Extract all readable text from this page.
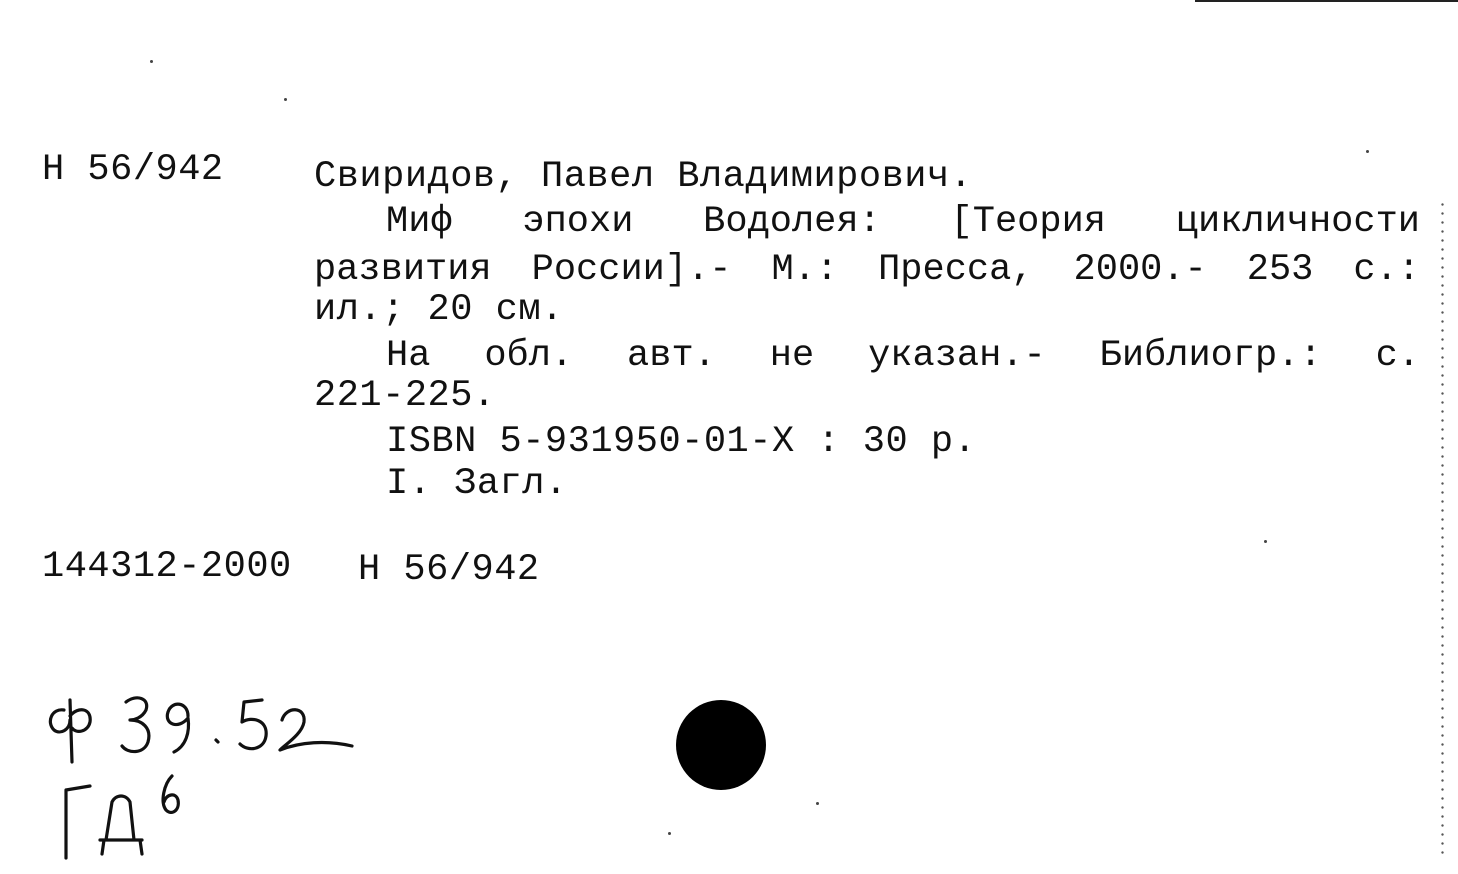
Н 56/942 Свиридов, Павел Владимирович.
Миф эпохи Водолея: [Теория цикличности
развития России].- М.: Пресса, 2000.- 253 с.:
ил.; 20 см.
На обл. авт. не указан.- Библиогр.: с.
221-225.
ISBN 5-931950-01-X : 30 р.
I. Загл.
144312-2000 Н 56/942
